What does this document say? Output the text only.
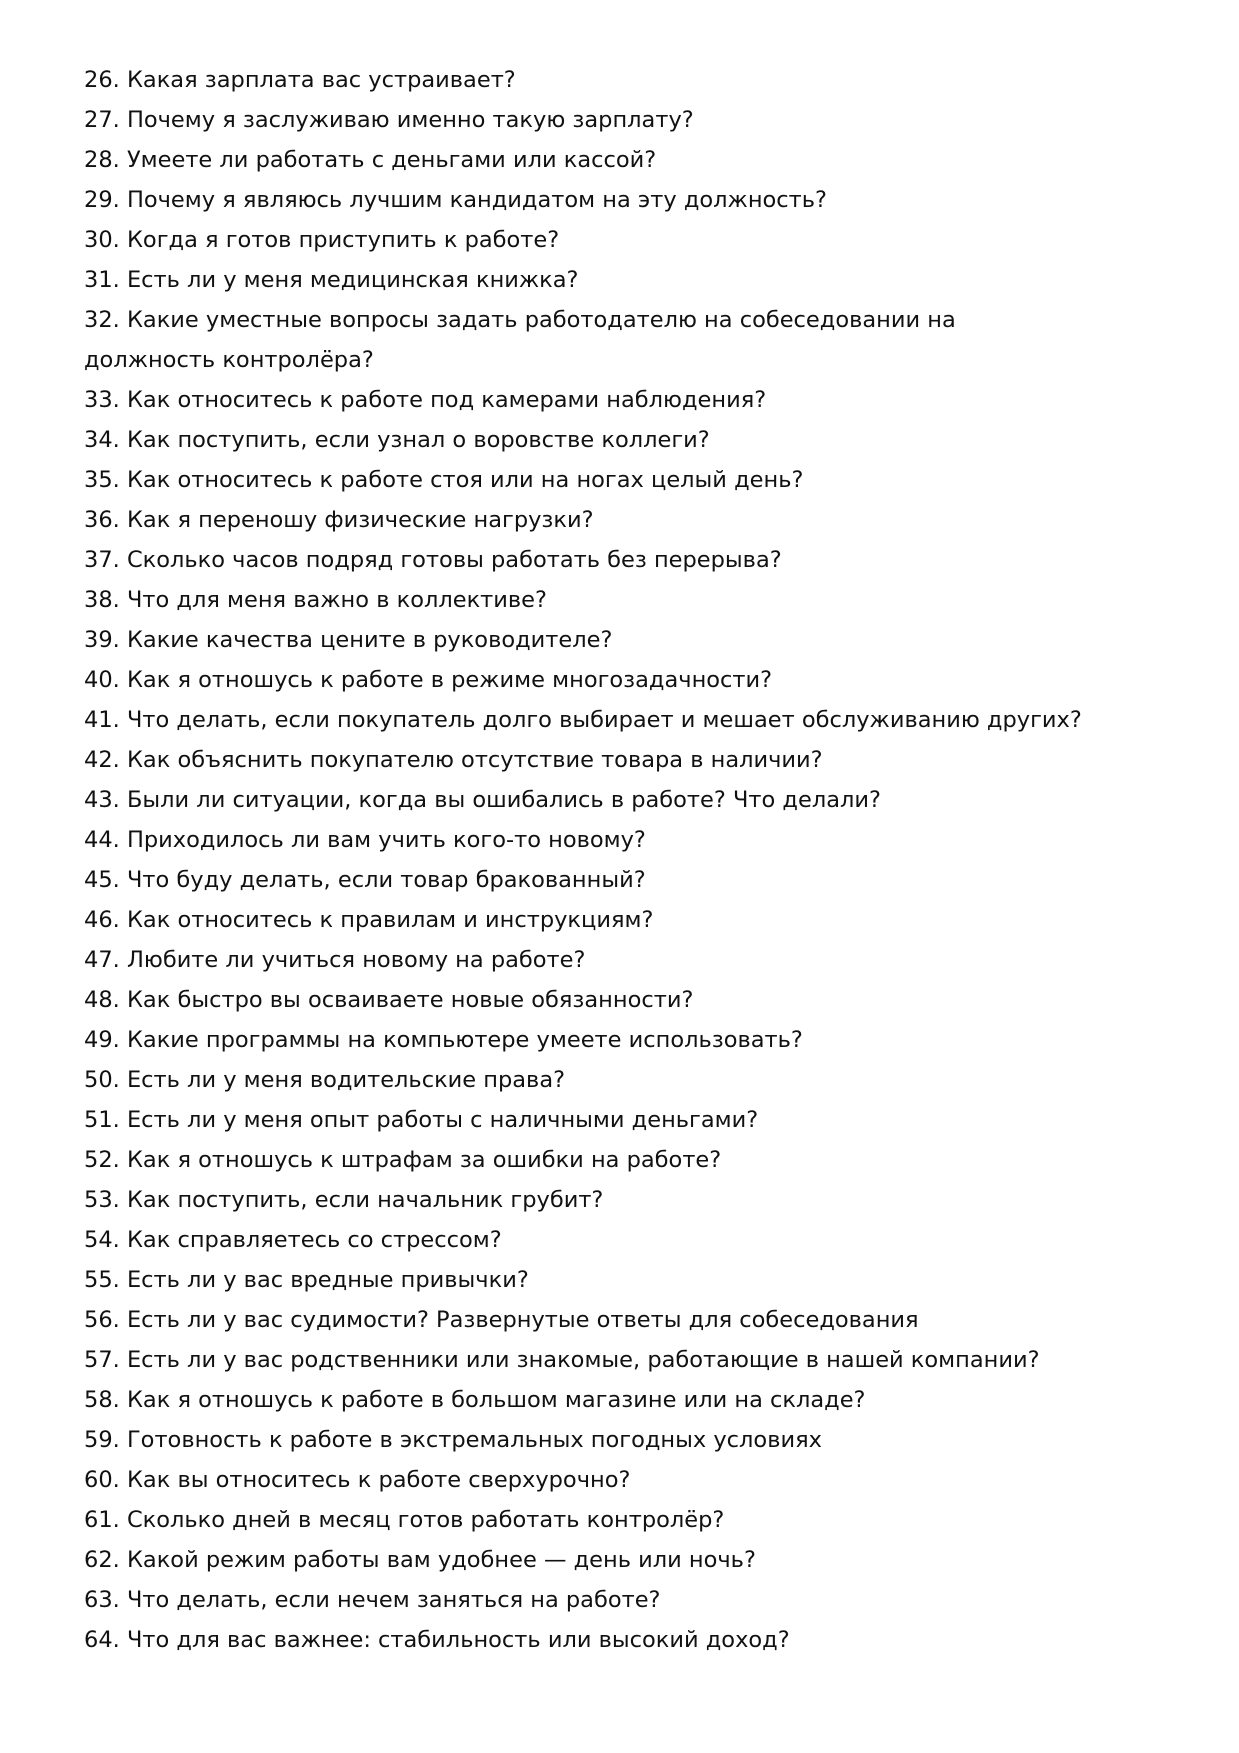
26. Какая зарплата вас устраивает?
27. Почему я заслуживаю именно такую зарплату?
28. Умеете ли работать с деньгами или кассой?
29. Почему я являюсь лучшим кандидатом на эту должность?
30. Когда я готов приступить к работе?
31. Есть ли у меня медицинская книжка?
32. Какие уместные вопросы задать работодателю на собеседовании на должность контролёра?
33. Как относитесь к работе под камерами наблюдения?
34. Как поступить, если узнал о воровстве коллеги?
35. Как относитесь к работе стоя или на ногах целый день?
36. Как я переношу физические нагрузки?
37. Сколько часов подряд готовы работать без перерыва?
38. Что для меня важно в коллективе?
39. Какие качества цените в руководителе?
40. Как я отношусь к работе в режиме многозадачности?
41. Что делать, если покупатель долго выбирает и мешает обслуживанию других?
42. Как объяснить покупателю отсутствие товара в наличии?
43. Были ли ситуации, когда вы ошибались в работе? Что делали?
44. Приходилось ли вам учить кого-то новому?
45. Что буду делать, если товар бракованный?
46. Как относитесь к правилам и инструкциям?
47. Любите ли учиться новому на работе?
48. Как быстро вы осваиваете новые обязанности?
49. Какие программы на компьютере умеете использовать?
50. Есть ли у меня водительские права?
51. Есть ли у меня опыт работы с наличными деньгами?
52. Как я отношусь к штрафам за ошибки на работе?
53. Как поступить, если начальник грубит?
54. Как справляетесь со стрессом?
55. Есть ли у вас вредные привычки?
56. Есть ли у вас судимости? Развернутые ответы для собеседования
57. Есть ли у вас родственники или знакомые, работающие в нашей компании?
58. Как я отношусь к работе в большом магазине или на складе?
59. Готовность к работе в экстремальных погодных условиях
60. Как вы относитесь к работе сверхурочно?
61. Сколько дней в месяц готов работать контролёр?
62. Какой режим работы вам удобнее — день или ночь?
63. Что делать, если нечем заняться на работе?
64. Что для вас важнее: стабильность или высокий доход?
